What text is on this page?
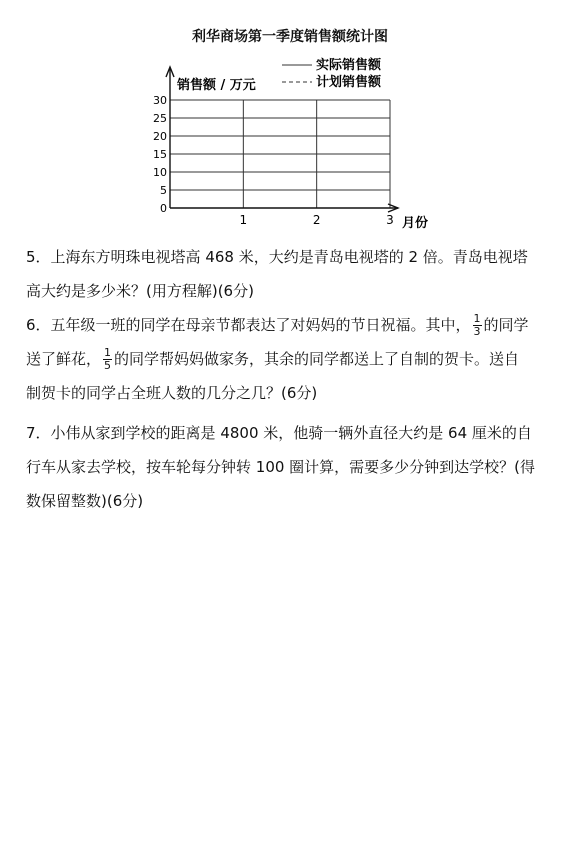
利华商场第一季度销售额统计图
0
5
10
15
20
25
30
1	2	3
销售额 / 万元
月份
实际销售额
计划销售额
5．上海东方明珠电视塔高 468 米，大约是青岛电视塔的 2 倍。青岛电视塔
高大约是多少米？(用方程解)(6分)
6．五年级一班的同学在母亲节都表达了对妈妈的节日祝福。其中， $\frac{1}{3}$ 的同学
送了鲜花， $\frac{1}{5}$ 的同学帮妈妈做家务，其余的同学都送上了自制的贺卡。送自
制贺卡的同学占全班人数的几分之几？(6分)
7．小伟从家到学校的距离是 4800 米，他骑一辆外直径大约是 64 厘米的自
行车从家去学校，按车轮每分钟转 100 圈计算，需要多少分钟到达学校？(得
数保留整数)(6分)
